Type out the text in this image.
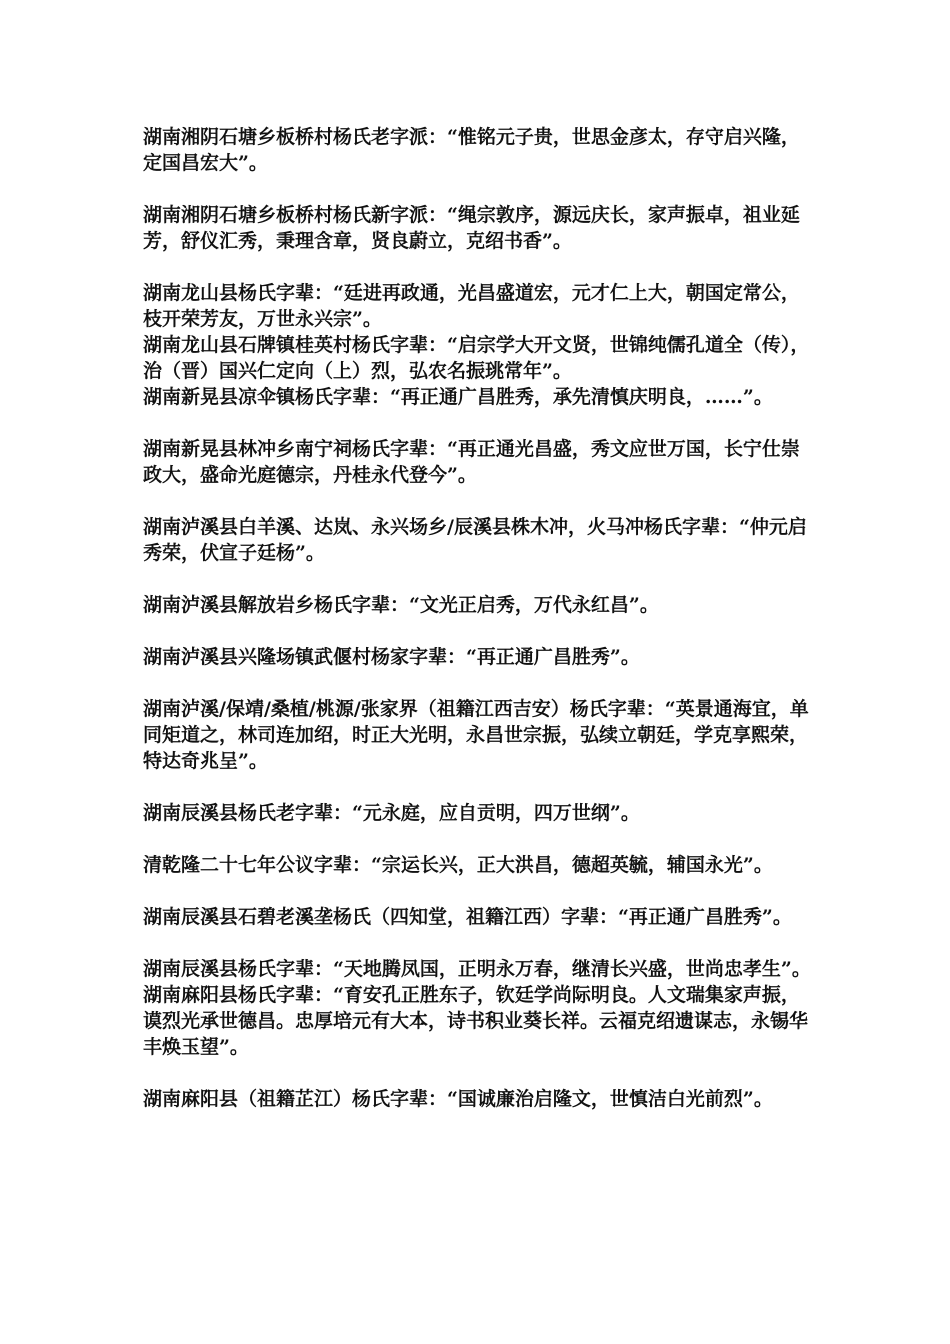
湖南湘阴石塘乡板桥村杨氏老字派：“惟铭元子贵，世思金彦太，存守启兴隆，定国昌宏大”。

湖南湘阴石塘乡板桥村杨氏新字派：“绳宗敦序，源远庆长，家声振卓，祖业延芳，舒仪汇秀，秉理含章，贤良蔚立，克绍书香”。

湖南龙山县杨氏字辈：“廷进再政通，光昌盛道宏，元才仁上大，朝国定常公，枝开荣芳友，万世永兴宗”。

湖南龙山县石牌镇桂英村杨氏字辈：“启宗学大开文贤，世锦纯儒孔道全（传），治（晋）国兴仁定向（上）烈，弘农名振珧常年”。

湖南新晃县凉伞镇杨氏字辈：“再正通广昌胜秀，承先清慎庆明良，……”。

湖南新晃县林冲乡南宁祠杨氏字辈：“再正通光昌盛，秀文应世万国，长宁仕崇政大，盛命光庭德宗，丹桂永代登今”。

湖南泸溪县白羊溪、达岚、永兴场乡/辰溪县株木冲，火马冲杨氏字辈：“仲元启秀荣，伏宣子廷杨”。

湖南泸溪县解放岩乡杨氏字辈：“文光正启秀，万代永红昌”。

湖南泸溪县兴隆场镇武偃村杨家字辈：“再正通广昌胜秀”。

湖南泸溪/保靖/桑植/桃源/张家界（祖籍江西吉安）杨氏字辈：“英景通海宜，单同矩道之，林司连加绍，时正大光明，永昌世宗振，弘续立朝廷，学克享熙荣，特达奇兆呈”。

湖南辰溪县杨氏老字辈：“元永庭，应自贡明，四万世纲”。

清乾隆二十七年公议字辈：“宗运长兴，正大洪昌，德超英毓，辅国永光”。

湖南辰溪县石碧老溪垄杨氏（四知堂，祖籍江西）字辈：“再正通广昌胜秀”。

湖南辰溪县杨氏字辈：“天地腾凤国，正明永万春，继清长兴盛，世尚忠孝生”。

湖南麻阳县杨氏字辈：“育安孔正胜东子，钦廷学尚际明良。人文瑞集家声振，谟烈光承世德昌。忠厚培元有大本，诗书积业葵长祥。云福克绍遗谋志，永锡华丰焕玉望”。

湖南麻阳县（祖籍芷江）杨氏字辈：“国诚廉治启隆文，世慎洁白光前烈”。
